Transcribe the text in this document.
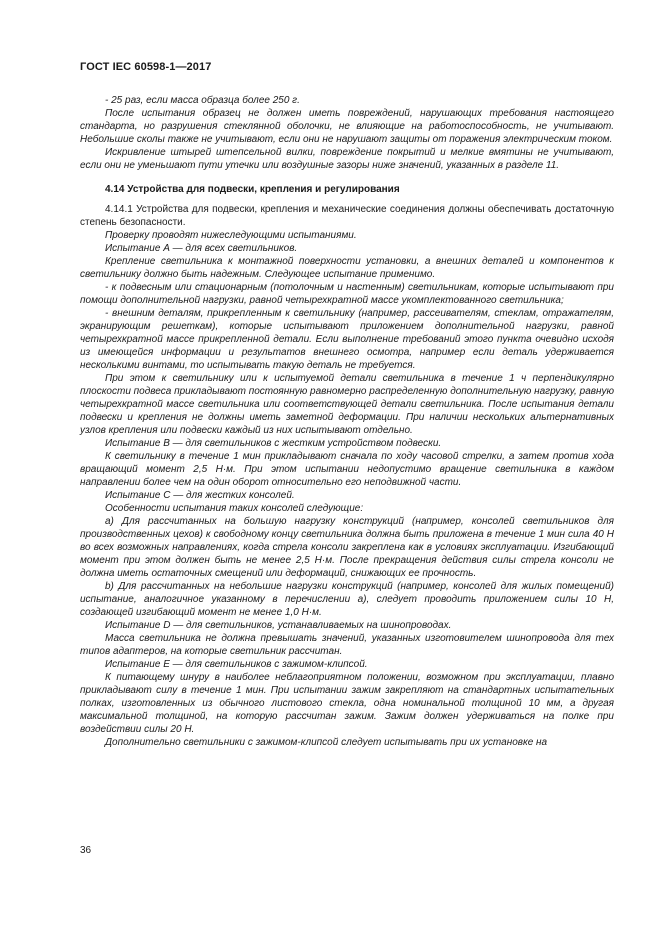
ГОСТ IEC 60598-1—2017

- 25 раз, если масса образца более 250 г.

После испытания образец не должен иметь повреждений, нарушающих требования настоящего стандарта, но разрушения стеклянной оболочки, не влияющие на работоспособность, не учитывают. Небольшие сколы также не учитывают, если они не нарушают защиты от поражения электрическим током.

Искривление штырей штепсельной вилки, повреждение покрытий и мелкие вмятины не учитывают, если они не уменьшают пути утечки или воздушные зазоры ниже значений, указанных в разделе 11.

4.14 Устройства для подвески, крепления и регулирования

4.14.1 Устройства для подвески, крепления и механические соединения должны обеспечивать достаточную степень безопасности.

Проверку проводят нижеследующими испытаниями.

Испытание А — для всех светильников.

Крепление светильника к монтажной поверхности установки, а внешних деталей и компонентов к светильнику должно быть надежным. Следующее испытание применимо.

- к подвесным или стационарным (потолочным и настенным) светильникам, которые испытывают при помощи дополнительной нагрузки, равной четырехкратной массе укомплектованного светильника;

- внешним деталям, прикрепленным к светильнику (например, рассеивателям, стеклам, отражателям, экранирующим решеткам), которые испытывают приложением дополнительной нагрузки, равной четырехкратной массе прикрепленной детали. Если выполнение требований этого пункта очевидно исходя из имеющейся информации и результатов внешнего осмотра, например если деталь удерживается несколькими винтами, то испытывать такую деталь не требуется.

При этом к светильнику или к испытуемой детали светильника в течение 1 ч перпендикулярно плоскости подвеса прикладывают постоянную равномерно распределенную дополнительную нагрузку, равную четырехкратной массе светильника или соответствующей детали светильника. После испытания детали подвески и крепления не должны иметь заметной деформации. При наличии нескольких альтернативных узлов крепления или подвески каждый из них испытывают отдельно.

Испытание В — для светильников с жестким устройством подвески.

К светильнику в течение 1 мин прикладывают сначала по ходу часовой стрелки, а затем против хода вращающий момент 2,5 Н·м. При этом испытании недопустимо вращение светильника в каждом направлении более чем на один оборот относительно его неподвижной части.

Испытание С — для жестких консолей.

Особенности испытания таких консолей следующие:

а) Для рассчитанных на большую нагрузку конструкций (например, консолей светильников для производственных цехов) к свободному концу светильника должна быть приложена в течение 1 мин сила 40 Н во всех возможных направлениях, когда стрела консоли закреплена как в условиях эксплуатации. Изгибающий момент при этом должен быть не менее 2,5 Н·м. После прекращения действия силы стрела консоли не должна иметь остаточных смещений или деформаций, снижающих ее прочность.

b) Для рассчитанных на небольшие нагрузки конструкций (например, консолей для жилых помещений) испытание, аналогичное указанному в перечислении а), следует проводить приложением силы 10 Н, создающей изгибающий момент не менее 1,0 Н·м.

Испытание D — для светильников, устанавливаемых на шинопроводах.

Масса светильника не должна превышать значений, указанных изготовителем шинопровода для тех типов адаптеров, на которые светильник рассчитан.

Испытание Е — для светильников с зажимом-клипсой.

К питающему шнуру в наиболее неблагоприятном положении, возможном при эксплуатации, плавно прикладывают силу в течение 1 мин. При испытании зажим закрепляют на стандартных испытательных полках, изготовленных из обычного листового стекла, одна номинальной толщиной 10 мм, а другая максимальной толщиной, на которую рассчитан зажим. Зажим должен удерживаться на полке при воздействии силы 20 Н.

Дополнительно светильники с зажимом-клипсой следует испытывать при их установке на

36
